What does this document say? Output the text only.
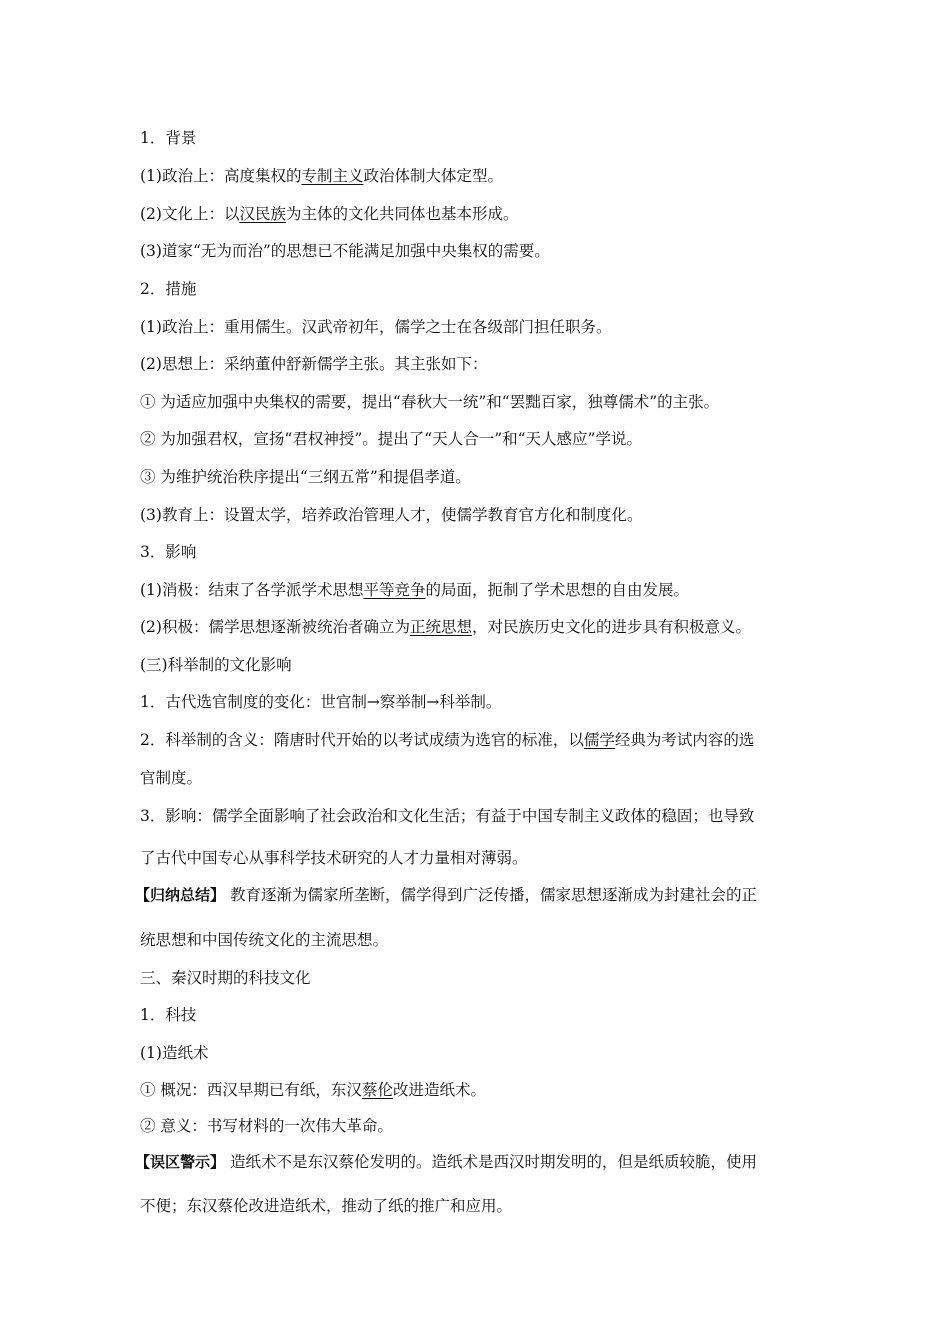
1．背景
(1)政治上：高度集权的专制主义政治体制大体定型。
(2)文化上：以汉民族为主体的文化共同体也基本形成。
(3)道家“无为而治”的思想已不能满足加强中央集权的需要。
2．措施
(1)政治上：重用儒生。汉武帝初年，儒学之士在各级部门担任职务。
(2)思想上：采纳董仲舒新儒学主张。其主张如下：
① 为适应加强中央集权的需要，提出“春秋大一统”和“罢黜百家，独尊儒术”的主张。
② 为加强君权，宣扬“君权神授”。提出了“天人合一”和“天人感应”学说。
③ 为维护统治秩序提出“三纲五常”和提倡孝道。
(3)教育上：设置太学，培养政治管理人才，使儒学教育官方化和制度化。
3．影响
(1)消极：结束了各学派学术思想平等竞争的局面，扼制了学术思想的自由发展。
(2)积极：儒学思想逐渐被统治者确立为正统思想，对民族历史文化的进步具有积极意义。
(三)科举制的文化影响
1．古代选官制度的变化：世官制→察举制→科举制。
2．科举制的含义：隋唐时代开始的以考试成绩为选官的标准，以儒学经典为考试内容的选
官制度。
3．影响：儒学全面影响了社会政治和文化生活；有益于中国专制主义政体的稳固；也导致
了古代中国专心从事科学技术研究的人才力量相对薄弱。
【归纳总结】 教育逐渐为儒家所垄断，儒学得到广泛传播，儒家思想逐渐成为封建社会的正
统思想和中国传统文化的主流思想。
三、秦汉时期的科技文化
1．科技
(1)造纸术
① 概况：西汉早期已有纸，东汉蔡伦改进造纸术。
② 意义：书写材料的一次伟大革命。
【误区警示】 造纸术不是东汉蔡伦发明的。造纸术是西汉时期发明的，但是纸质较脆，使用
不便；东汉蔡伦改进造纸术，推动了纸的推广和应用。
